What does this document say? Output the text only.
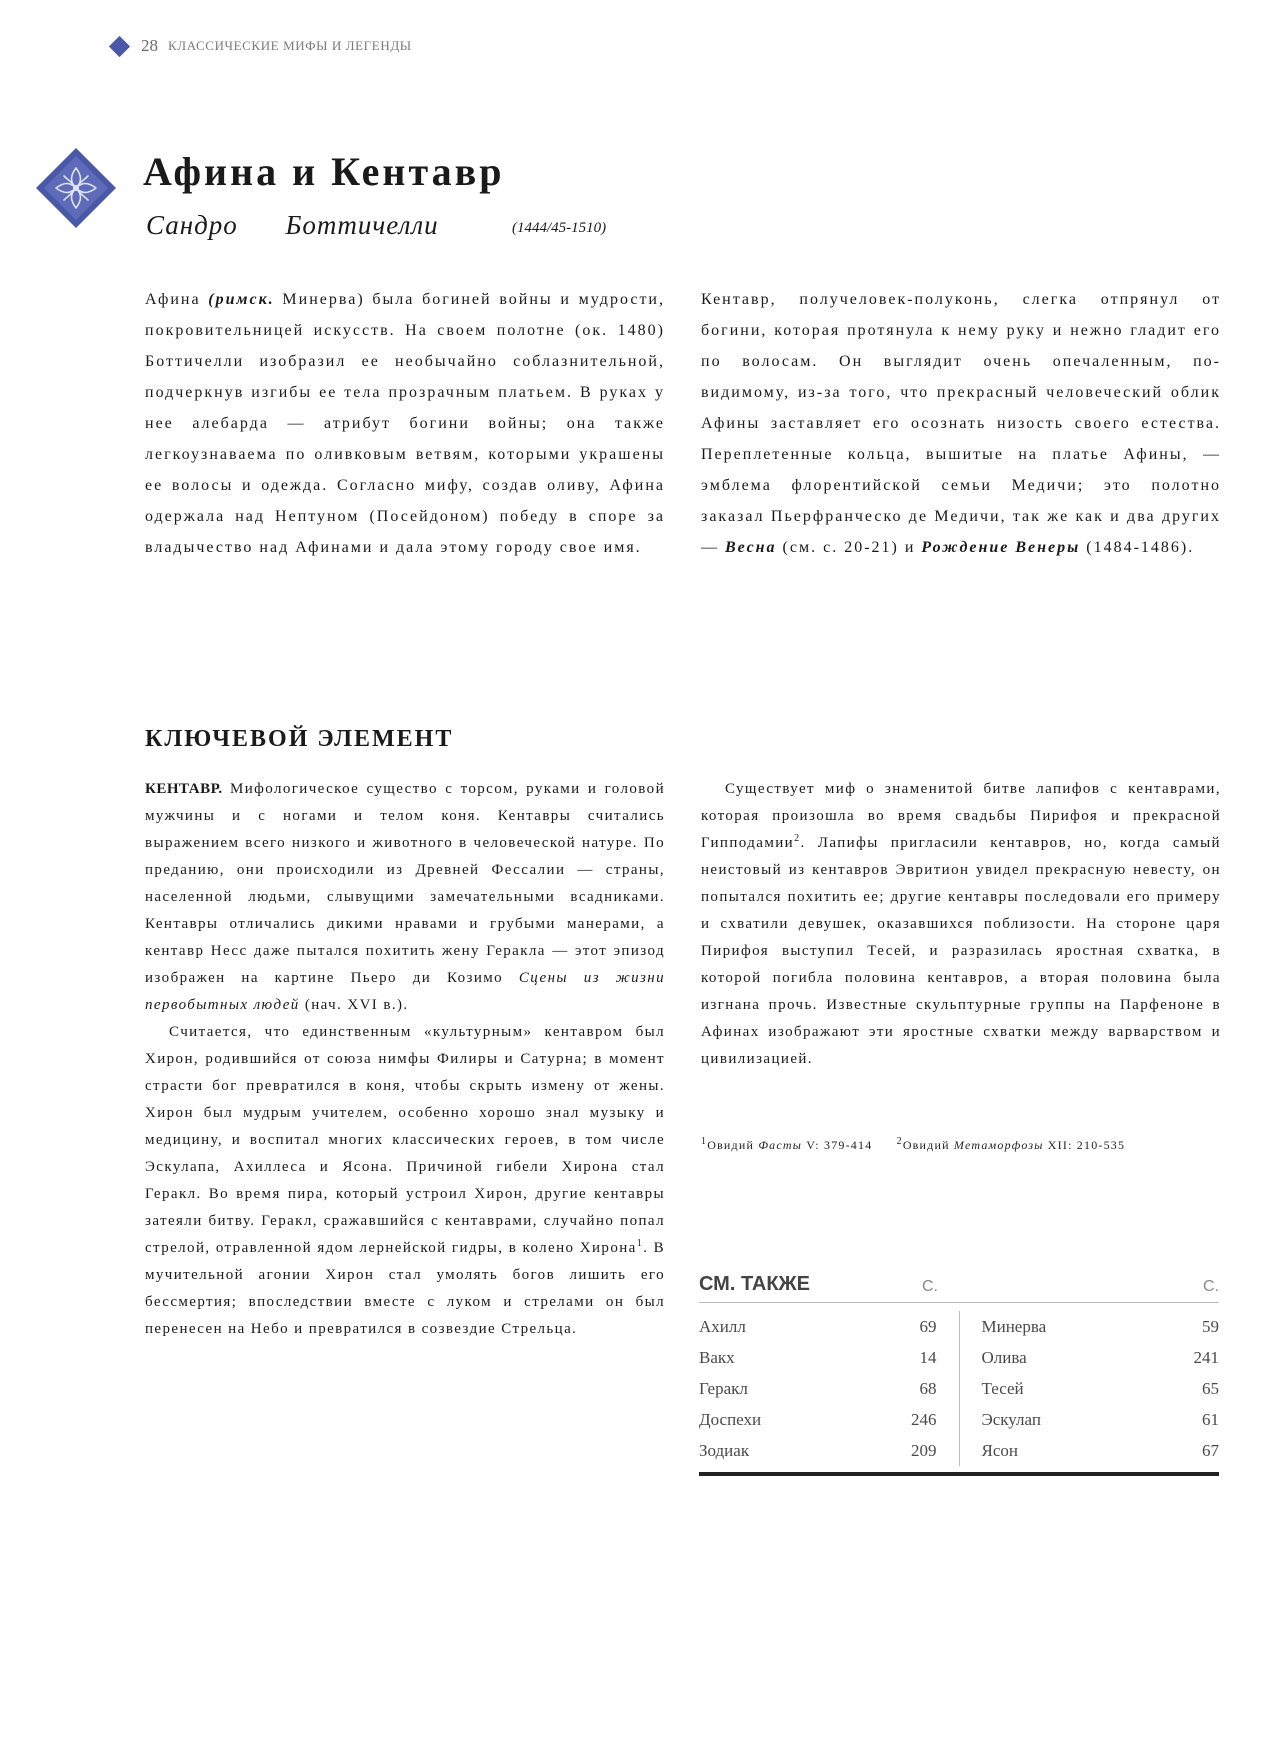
28 КЛАССИЧЕСКИЕ МИФЫ И ЛЕГЕНДЫ
Афина и Кентавр
Сандро Боттичелли	(1444/45-1510)
Афина (римск. Минерва) была богиней войны и мудрости, покровительницей искусств. На своем полотне (ок. 1480) Боттичелли изобразил ее необычайно соблазнительной, подчеркнув изгибы ее тела прозрачным платьем. В руках у нее алебарда — атрибут богини войны; она также легкоузнаваема по оливковым ветвям, которыми украшены ее волосы и одежда. Согласно мифу, создав оливу, Афина одержала над Нептуном (Посейдоном) победу в споре за владычество над Афинами и дала этому городу свое имя.
Кентавр, получеловек-полуконь, слегка отпрянул от богини, которая протянула к нему руку и нежно гладит его по волосам. Он выглядит очень опечаленным, по-видимому, из-за того, что прекрасный человеческий облик Афины заставляет его осознать низость своего естества. Переплетенные кольца, вышитые на платье Афины, — эмблема флорентийской семьи Медичи; это полотно заказал Пьерфранческо де Медичи, так же как и два других — Весна (см. с. 20-21) и Рождение Венеры (1484-1486).
КЛЮЧЕВОЙ ЭЛЕМЕНТ

КЕНТАВР. Мифологическое существо с торсом, руками и головой мужчины и с ногами и телом коня. Кентавры считались выражением всего низкого и животного в человеческой натуре. По преданию, они происходили из Древней Фессалии — страны, населенной людьми, слывущими замечательными всадниками. Кентавры отличались дикими нравами и грубыми манерами, а кентавр Несс даже пытался похитить жену Геракла — этот эпизод изображен на картине Пьеро ди Козимо Сцены из жизни первобытных людей (нач. XVI в.).

Считается, что единственным «культурным» кентавром был Хирон, родившийся от союза нимфы Филиры и Сатурна; в момент страсти бог превратился в коня, чтобы скрыть измену от жены. Хирон был мудрым учителем, особенно хорошо знал музыку и медицину, и воспитал многих классических героев, в том числе Эскулапа, Ахиллеса и Ясона. Причиной гибели Хирона стал Геракл. Во время пира, который устроил Хирон, другие кентавры затеяли битву. Геракл, сражавшийся с кентаврами, случайно попал стрелой, отравленной ядом лернейской гидры, в колено Хирона$^1$. В мучительной агонии Хирон стал умолять богов лишить его бессмертия; впоследствии вместе с луком и стрелами он был перенесен на Небо и превратился в созвездие Стрельца.

Существует миф о знаменитой битве лапифов с кентаврами, которая произошла во время свадьбы Пирифоя и прекрасной Гипподамии$^2$. Лапифы пригласили кентавров, но, когда самый неистовый из кентавров Эвритион увидел прекрасную невесту, он попытался похитить ее; другие кентавры последовали его примеру и схватили девушек, оказавшихся поблизости. На стороне царя Пирифоя выступил Тесей, и разразилась яростная схватка, в которой погибла половина кентавров, а вторая половина была изгнана прочь. Известные скульптурные группы на Парфеноне в Афинах изображают эти яростные схватки между варварством и цивилизацией.

$^1$Овидий Фасты V: 379-414 $^2$Овидий Метаморфозы XII: 210-535
СМ. ТАКЖЕ	С.	С.
Ахилл	69
Вакх	14
Геракл	68
Доспехи	246
Зодиак	209
Минерва	59
Олива	241
Тесей	65
Эскулап	61
Ясон	67
